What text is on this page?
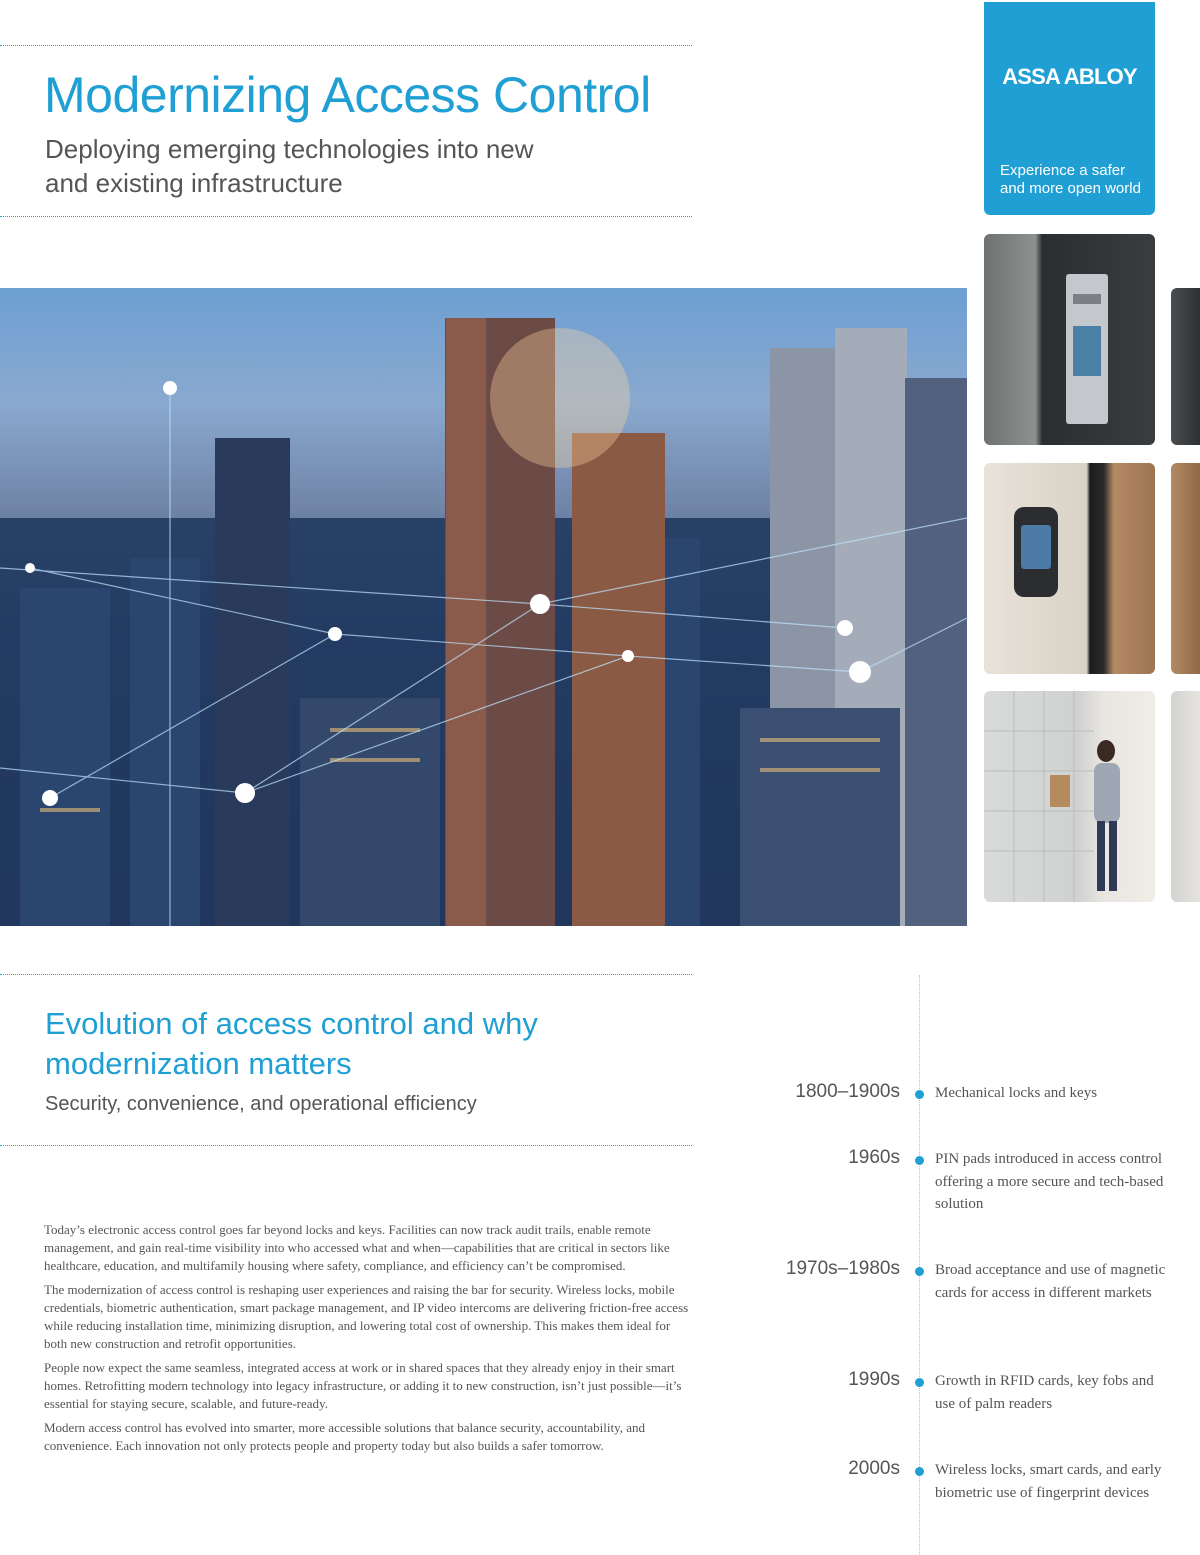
Modernizing Access Control

Deploying emerging technologies into new and existing infrastructure

ASSA ABLOY
Experience a safer and more open world
Evolution of access control and why modernization matters

Security, convenience, and operational efficiency

Today’s electronic access control goes far beyond locks and keys. Facilities can now track audit trails, enable remote management, and gain real-time visibility into who accessed what and when—capabilities that are critical in sectors like healthcare, education, and multifamily housing where safety, compliance, and efficiency can’t be compromised.

The modernization of access control is reshaping user experiences and raising the bar for security. Wireless locks, mobile credentials, biometric authentication, smart package management, and IP video intercoms are delivering friction-free access while reducing installation time, minimizing disruption, and lowering total cost of ownership. This makes them ideal for both new construction and retrofit opportunities.

People now expect the same seamless, integrated access at work or in shared spaces that they already enjoy in their smart homes. Retrofitting modern technology into legacy infrastructure, or adding it to new construction, isn’t just possible—it’s essential for staying secure, scalable, and future-ready.

Modern access control has evolved into smarter, more accessible solutions that balance security, accountability, and convenience. Each innovation not only protects people and property today but also builds a safer tomorrow.

1800–1900s Mechanical locks and keys
1960s PIN pads introduced in access control offering a more secure and tech-based solution
1970s–1980s Broad acceptance and use of magnetic cards for access in different markets
1990s Growth in RFID cards, key fobs and use of palm readers
2000s Wireless locks, smart cards, and early biometric use of fingerprint devices
